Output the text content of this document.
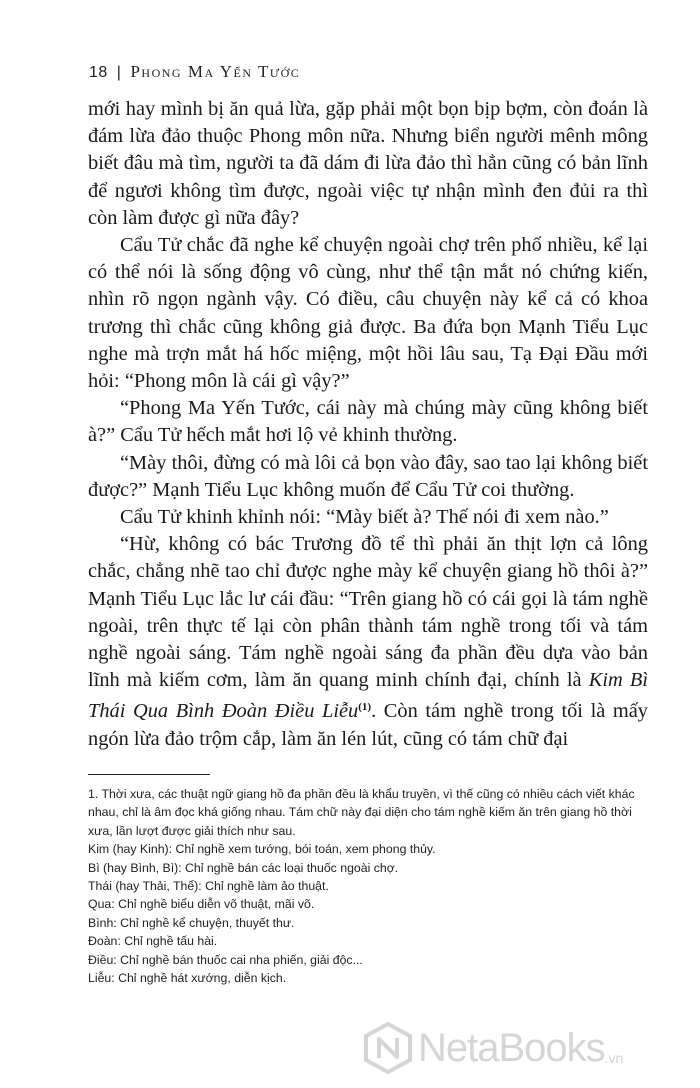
18 | Phong Ma Yến Tước

mới hay mình bị ăn quả lừa, gặp phải một bọn bịp bợm, còn đoán là đám lừa đảo thuộc Phong môn nữa. Nhưng biển người mênh mông biết đâu mà tìm, người ta đã dám đi lừa đảo thì hẳn cũng có bản lĩnh để ngươi không tìm được, ngoài việc tự nhận mình đen đủi ra thì còn làm được gì nữa đây?

Cẩu Tử chắc đã nghe kể chuyện ngoài chợ trên phố nhiều, kể lại có thể nói là sống động vô cùng, như thể tận mắt nó chứng kiến, nhìn rõ ngọn ngành vậy. Có điều, câu chuyện này kể cả có khoa trương thì chắc cũng không giả được. Ba đứa bọn Mạnh Tiểu Lục nghe mà trợn mắt há hốc miệng, một hồi lâu sau, Tạ Đại Đầu mới hỏi: “Phong môn là cái gì vậy?”

“Phong Ma Yến Tước, cái này mà chúng mày cũng không biết à?” Cẩu Tử hếch mắt hơi lộ vẻ khinh thường.

“Mày thôi, đừng có mà lôi cả bọn vào đây, sao tao lại không biết được?” Mạnh Tiểu Lục không muốn để Cẩu Tử coi thường.

Cẩu Tử khinh khỉnh nói: “Mày biết à? Thế nói đi xem nào.”

“Hừ, không có bác Trương đồ tể thì phải ăn thịt lợn cả lông chắc, chẳng nhẽ tao chỉ được nghe mày kể chuyện giang hồ thôi à?” Mạnh Tiểu Lục lắc lư cái đầu: “Trên giang hồ có cái gọi là tám nghề ngoài, trên thực tế lại còn phân thành tám nghề trong tối và tám nghề ngoài sáng. Tám nghề ngoài sáng đa phần đều dựa vào bản lĩnh mà kiếm cơm, làm ăn quang minh chính đại, chính là Kim Bì Thái Qua Bình Đoàn Điều Liễu$^{(1)}$. Còn tám nghề trong tối là mấy ngón lừa đảo trộm cắp, làm ăn lén lút, cũng có tám chữ đại

1. Thời xưa, các thuật ngữ giang hồ đa phần đều là khẩu truyền, vì thế cũng có nhiều cách viết khác nhau, chỉ là âm đọc khá giống nhau. Tám chữ này đại diện cho tám nghề kiếm ăn trên giang hồ thời xưa, lần lượt được giải thích như sau.

Kim (hay Kinh): Chỉ nghề xem tướng, bói toán, xem phong thủy.

Bì (hay Bình, Bì): Chỉ nghề bán các loại thuốc ngoài chợ.

Thái (hay Thải, Thể): Chỉ nghề làm ảo thuật.

Qua: Chỉ nghề biểu diễn võ thuật, mãi võ.

Bình: Chỉ nghề kể chuyện, thuyết thư.

Đoàn: Chỉ nghề tấu hài.

Điều: Chỉ nghề bán thuốc cai nha phiến, giải độc...

Liễu: Chỉ nghề hát xướng, diễn kịch.

NetaBooks .vn
